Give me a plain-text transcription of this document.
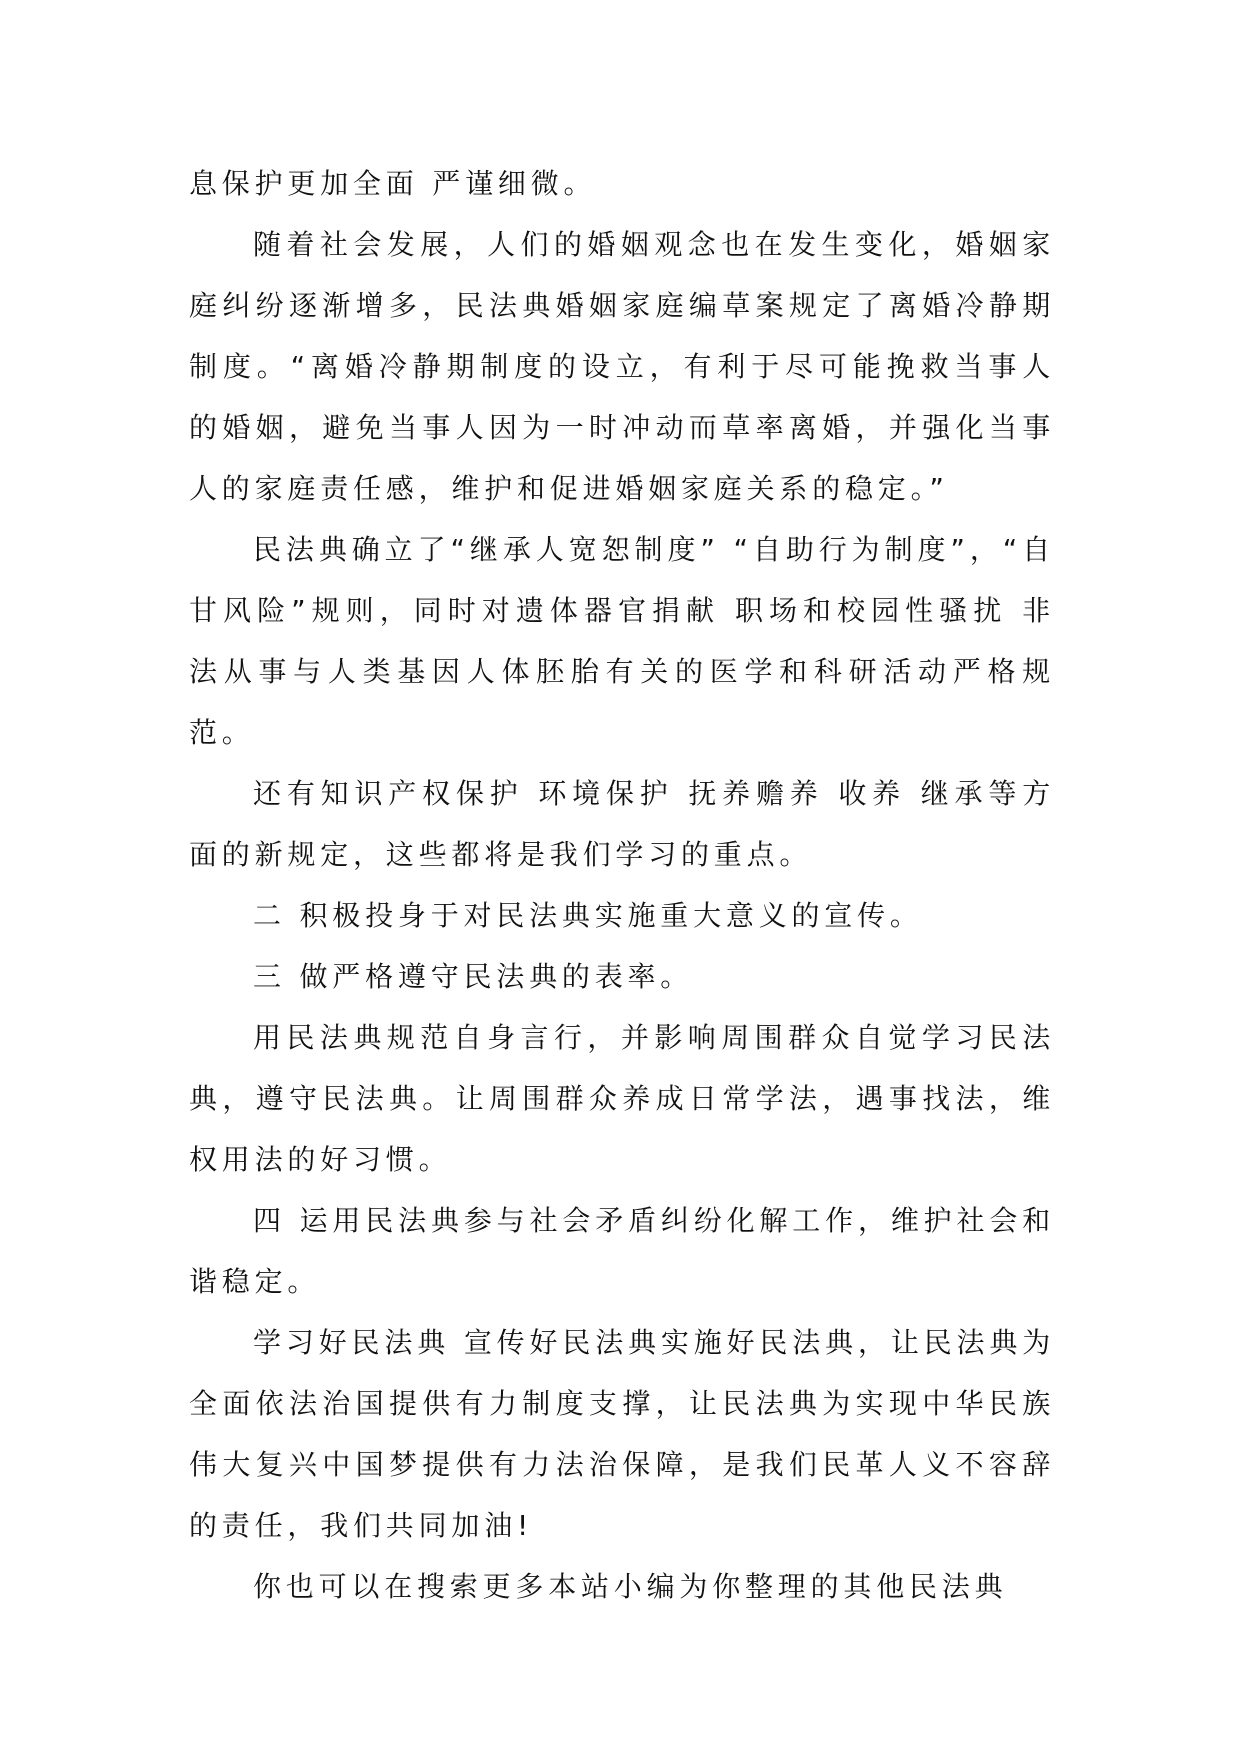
息保护更加全面 严谨细微。

随着社会发展，人们的婚姻观念也在发生变化，婚姻家庭纠纷逐渐增多，民法典婚姻家庭编草案规定了离婚冷静期制度。“离婚冷静期制度的设立，有利于尽可能挽救当事人的婚姻，避免当事人因为一时冲动而草率离婚，并强化当事人的家庭责任感，维护和促进婚姻家庭关系的稳定。”

民法典确立了“继承人宽恕制度” “自助行为制度”，“自甘风险”规则，同时对遗体器官捐献 职场和校园性骚扰 非法从事与人类基因人体胚胎有关的医学和科研活动严格规范。

还有知识产权保护 环境保护 抚养赡养 收养 继承等方面的新规定，这些都将是我们学习的重点。

二 积极投身于对民法典实施重大意义的宣传。

三 做严格遵守民法典的表率。

用民法典规范自身言行，并影响周围群众自觉学习民法典，遵守民法典。让周围群众养成日常学法，遇事找法，维权用法的好习惯。

四 运用民法典参与社会矛盾纠纷化解工作，维护社会和谐稳定。

学习好民法典 宣传好民法典实施好民法典，让民法典为全面依法治国提供有力制度支撑，让民法典为实现中华民族伟大复兴中国梦提供有力法治保障，是我们民革人义不容辞的责任，我们共同加油!

你也可以在搜索更多本站小编为你整理的其他民法典
